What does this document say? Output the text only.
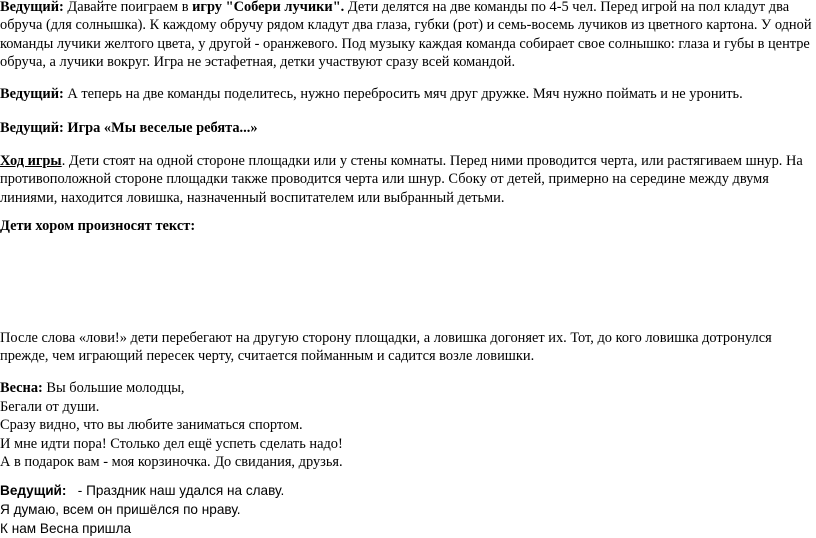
Ведущий: Давайте поиграем в игру "Собери лучики". Дети делятся на две команды по 4-5 чел. Перед игрой на пол кладут два обруча (для солнышка). К каждому обручу рядом кладут два глаза, губки (рот) и семь-восемь лучиков из цветного картона. У одной команды лучики желтого цвета, у другой - оранжевого. Под музыку каждая команда собирает свое солнышко: глаза и губы в центре обруча, а лучики вокруг. Игра не эстафетная, детки участвуют сразу всей командой.

Ведущий: А теперь на две команды поделитесь, нужно перебросить мяч друг дружке. Мяч нужно поймать и не уронить.

Ведущий: Игра «Мы веселые ребята...»

Ход игры. Дети стоят на одной стороне площадки или у стены комнаты. Перед ними проводится черта, или растягиваем шнур. На противоположной стороне площадки также проводится черта или шнур. Сбоку от детей, примерно на середине между двумя линиями, находится ловишка, назначенный воспитателем или выбранный детьми.

Дети хором произносят текст:

После слова «лови!» дети перебегают на другую сторону площадки, а ловишка догоняет их. Тот, до кого ловишка дотронулся прежде, чем играющий пересек черту, считается пойманным и садится возле ловишки.

Весна: Вы большие молодцы,
Бегали от души.
Сразу видно, что вы любите заниматься спортом.
И мне идти пора! Столько дел ещё успеть сделать надо!
А в подарок вам - моя корзиночка. До свидания, друзья.
Ведущий:   - Праздник наш удался на славу.
Я думаю, всем он пришёлся по нраву.
К нам Весна пришла
